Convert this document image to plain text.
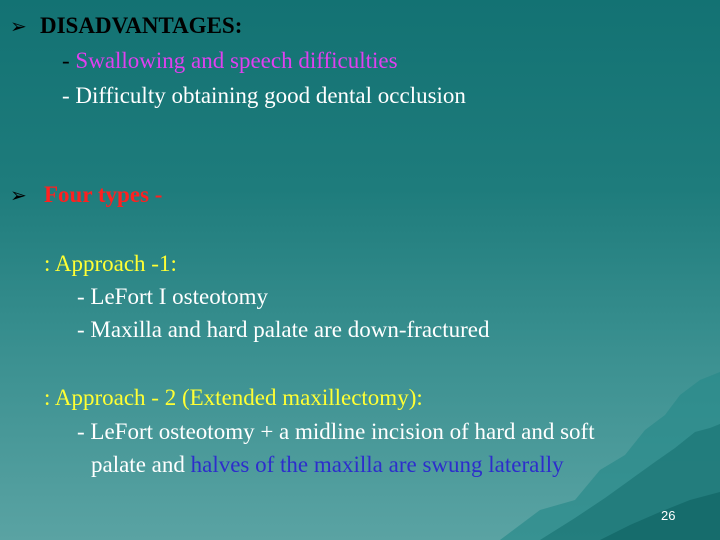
➢ DISADVANTAGES:
- Swallowing and speech difficulties
- Difficulty obtaining good dental occlusion
➢ Four types -
: Approach -1:
- LeFort I osteotomy
- Maxilla and hard palate are down-fractured
: Approach - 2 (Extended maxillectomy):
- LeFort osteotomy + a midline incision of hard and soft
palate and halves of the maxilla are swung laterally
26
